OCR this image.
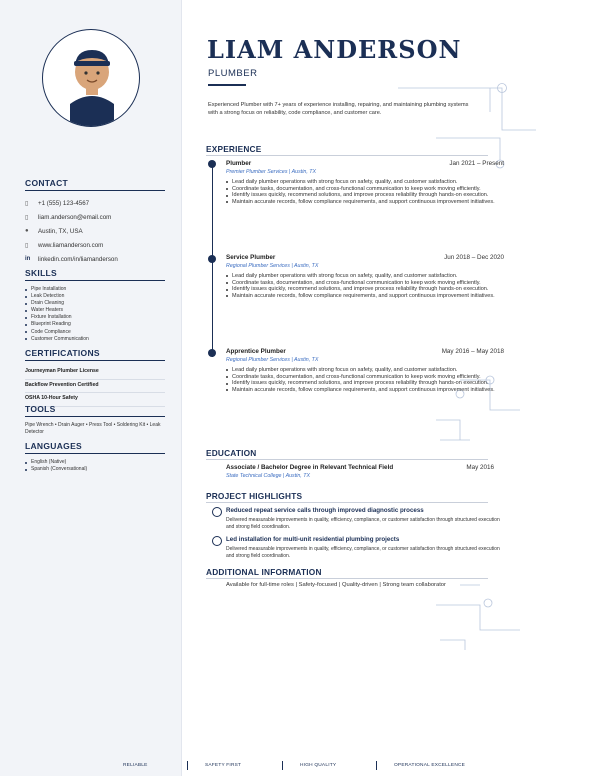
CONTACT
▯	+1 (555) 123-4567
▯	liam.anderson@email.com
●	Austin, TX, USA
▯	www.liamanderson.com
in	linkedin.com/in/liamanderson
SKILLS
Pipe Installation
Leak Detection
Drain Cleaning
Water Heaters
Fixture Installation
Blueprint Reading
Code Compliance
Customer Communication
CERTIFICATIONS
Journeyman Plumber License
Backflow Prevention Certified
OSHA 10-Hour Safety
TOOLS
Pipe Wrench • Drain Auger • Press Tool • Soldering Kit • Leak Detector
LANGUAGES
English (Native)
Spanish (Conversational)
LIAM ANDERSON
PLUMBER
Experienced Plumber with 7+ years of experience installing, repairing, and maintaining plumbing systems with a strong focus on reliability, code compliance, and customer care.
EXPERIENCE
Plumber	Jan 2021 – Present
Premier Plumber Services | Austin, TX
Lead daily plumber operations with strong focus on safety, quality, and customer satisfaction.
Coordinate tasks, documentation, and cross-functional communication to keep work moving efficiently.
Identify issues quickly, recommend solutions, and improve process reliability through hands-on execution.
Maintain accurate records, follow compliance requirements, and support continuous improvement initiatives.
Service Plumber	Jun 2018 – Dec 2020
Regional Plumber Services | Austin, TX
Lead daily plumber operations with strong focus on safety, quality, and customer satisfaction.
Coordinate tasks, documentation, and cross-functional communication to keep work moving efficiently.
Identify issues quickly, recommend solutions, and improve process reliability through hands-on execution.
Maintain accurate records, follow compliance requirements, and support continuous improvement initiatives.
Apprentice Plumber	May 2016 – May 2018
Regional Plumber Services | Austin, TX
Lead daily plumber operations with strong focus on safety, quality, and customer satisfaction.
Coordinate tasks, documentation, and cross-functional communication to keep work moving efficiently.
Identify issues quickly, recommend solutions, and improve process reliability through hands-on execution.
Maintain accurate records, follow compliance requirements, and support continuous improvement initiatives.
EDUCATION
Associate / Bachelor Degree in Relevant Technical Field	May 2016
State Technical College | Austin, TX
PROJECT HIGHLIGHTS
Reduced repeat service calls through improved diagnostic process
Delivered measurable improvements in quality, efficiency, compliance, or customer satisfaction through structured execution and strong field coordination.
Led installation for multi-unit residential plumbing projects
Delivered measurable improvements in quality, efficiency, compliance, or customer satisfaction through structured execution and strong field coordination.
ADDITIONAL INFORMATION
Available for full-time roles | Safety-focused | Quality-driven | Strong team collaborator
RELIABLE	SAFETY FIRST	HIGH QUALITY	OPERATIONAL EXCELLENCE
